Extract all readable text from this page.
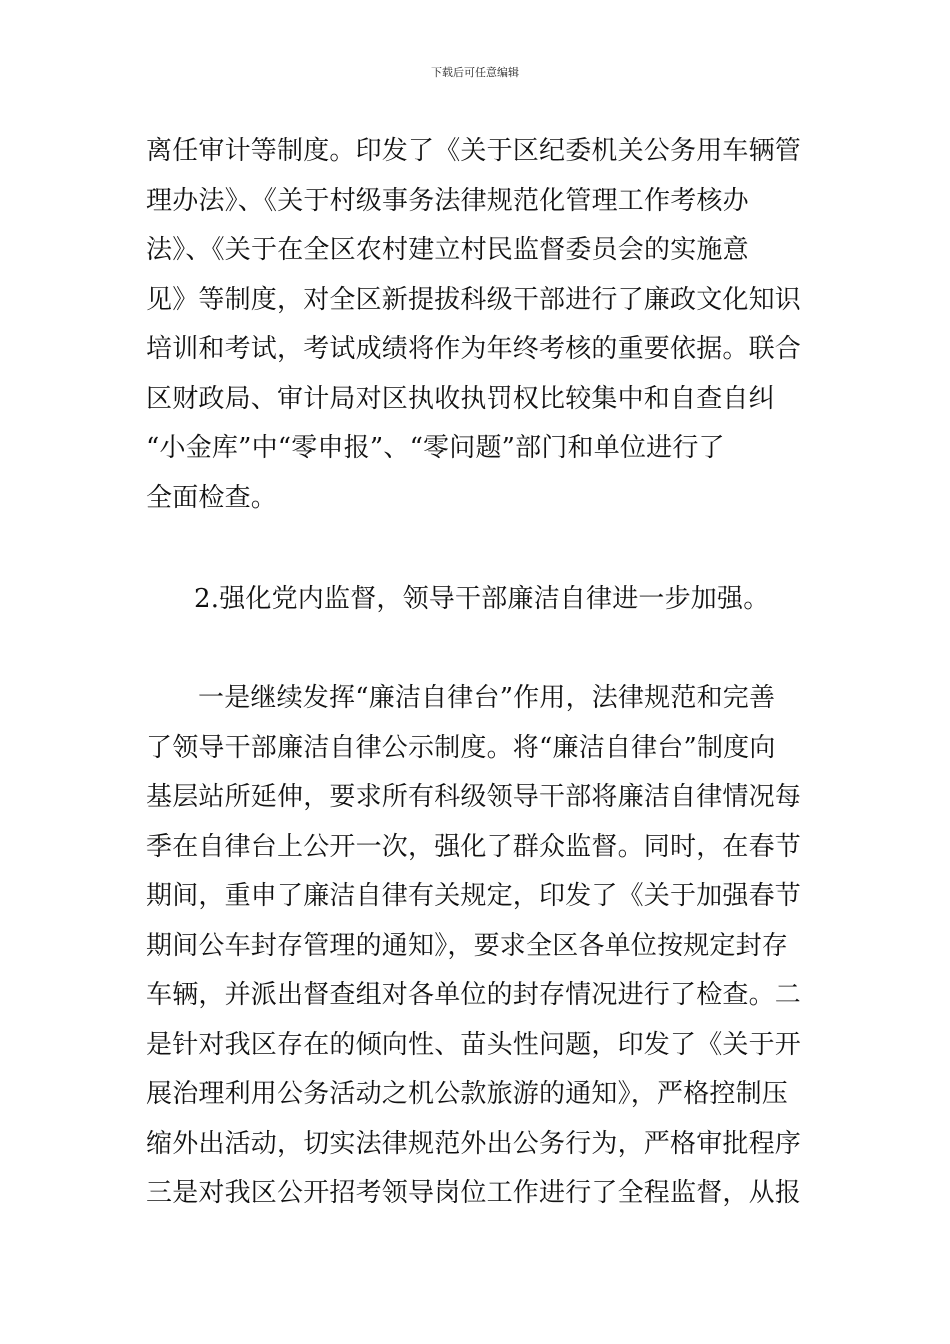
下载后可任意编辑
离任审计等制度。印发了《关于区纪委机关公务用车辆管
理办法》、《关于村级事务法律规范化管理工作考核办
法》、《关于在全区农村建立村民监督委员会的实施意
见》等制度，对全区新提拔科级干部进行了廉政文化知识
培训和考试，考试成绩将作为年终考核的重要依据。联合
区财政局、审计局对区执收执罚权比较集中和自查自纠
“小金库”中“零申报”、“零问题”部门和单位进行了
全面检查。
2.强化党内监督，领导干部廉洁自律进一步加强。
一是继续发挥“廉洁自律台”作用，法律规范和完善
了领导干部廉洁自律公示制度。将“廉洁自律台”制度向
基层站所延伸，要求所有科级领导干部将廉洁自律情况每
季在自律台上公开一次，强化了群众监督。同时，在春节
期间，重申了廉洁自律有关规定，印发了《关于加强春节
期间公车封存管理的通知》，要求全区各单位按规定封存
车辆，并派出督查组对各单位的封存情况进行了检查。二
是针对我区存在的倾向性、苗头性问题，印发了《关于开
展治理利用公务活动之机公款旅游的通知》，严格控制压
缩外出活动，切实法律规范外出公务行为，严格审批程序
三是对我区公开招考领导岗位工作进行了全程监督，从报
